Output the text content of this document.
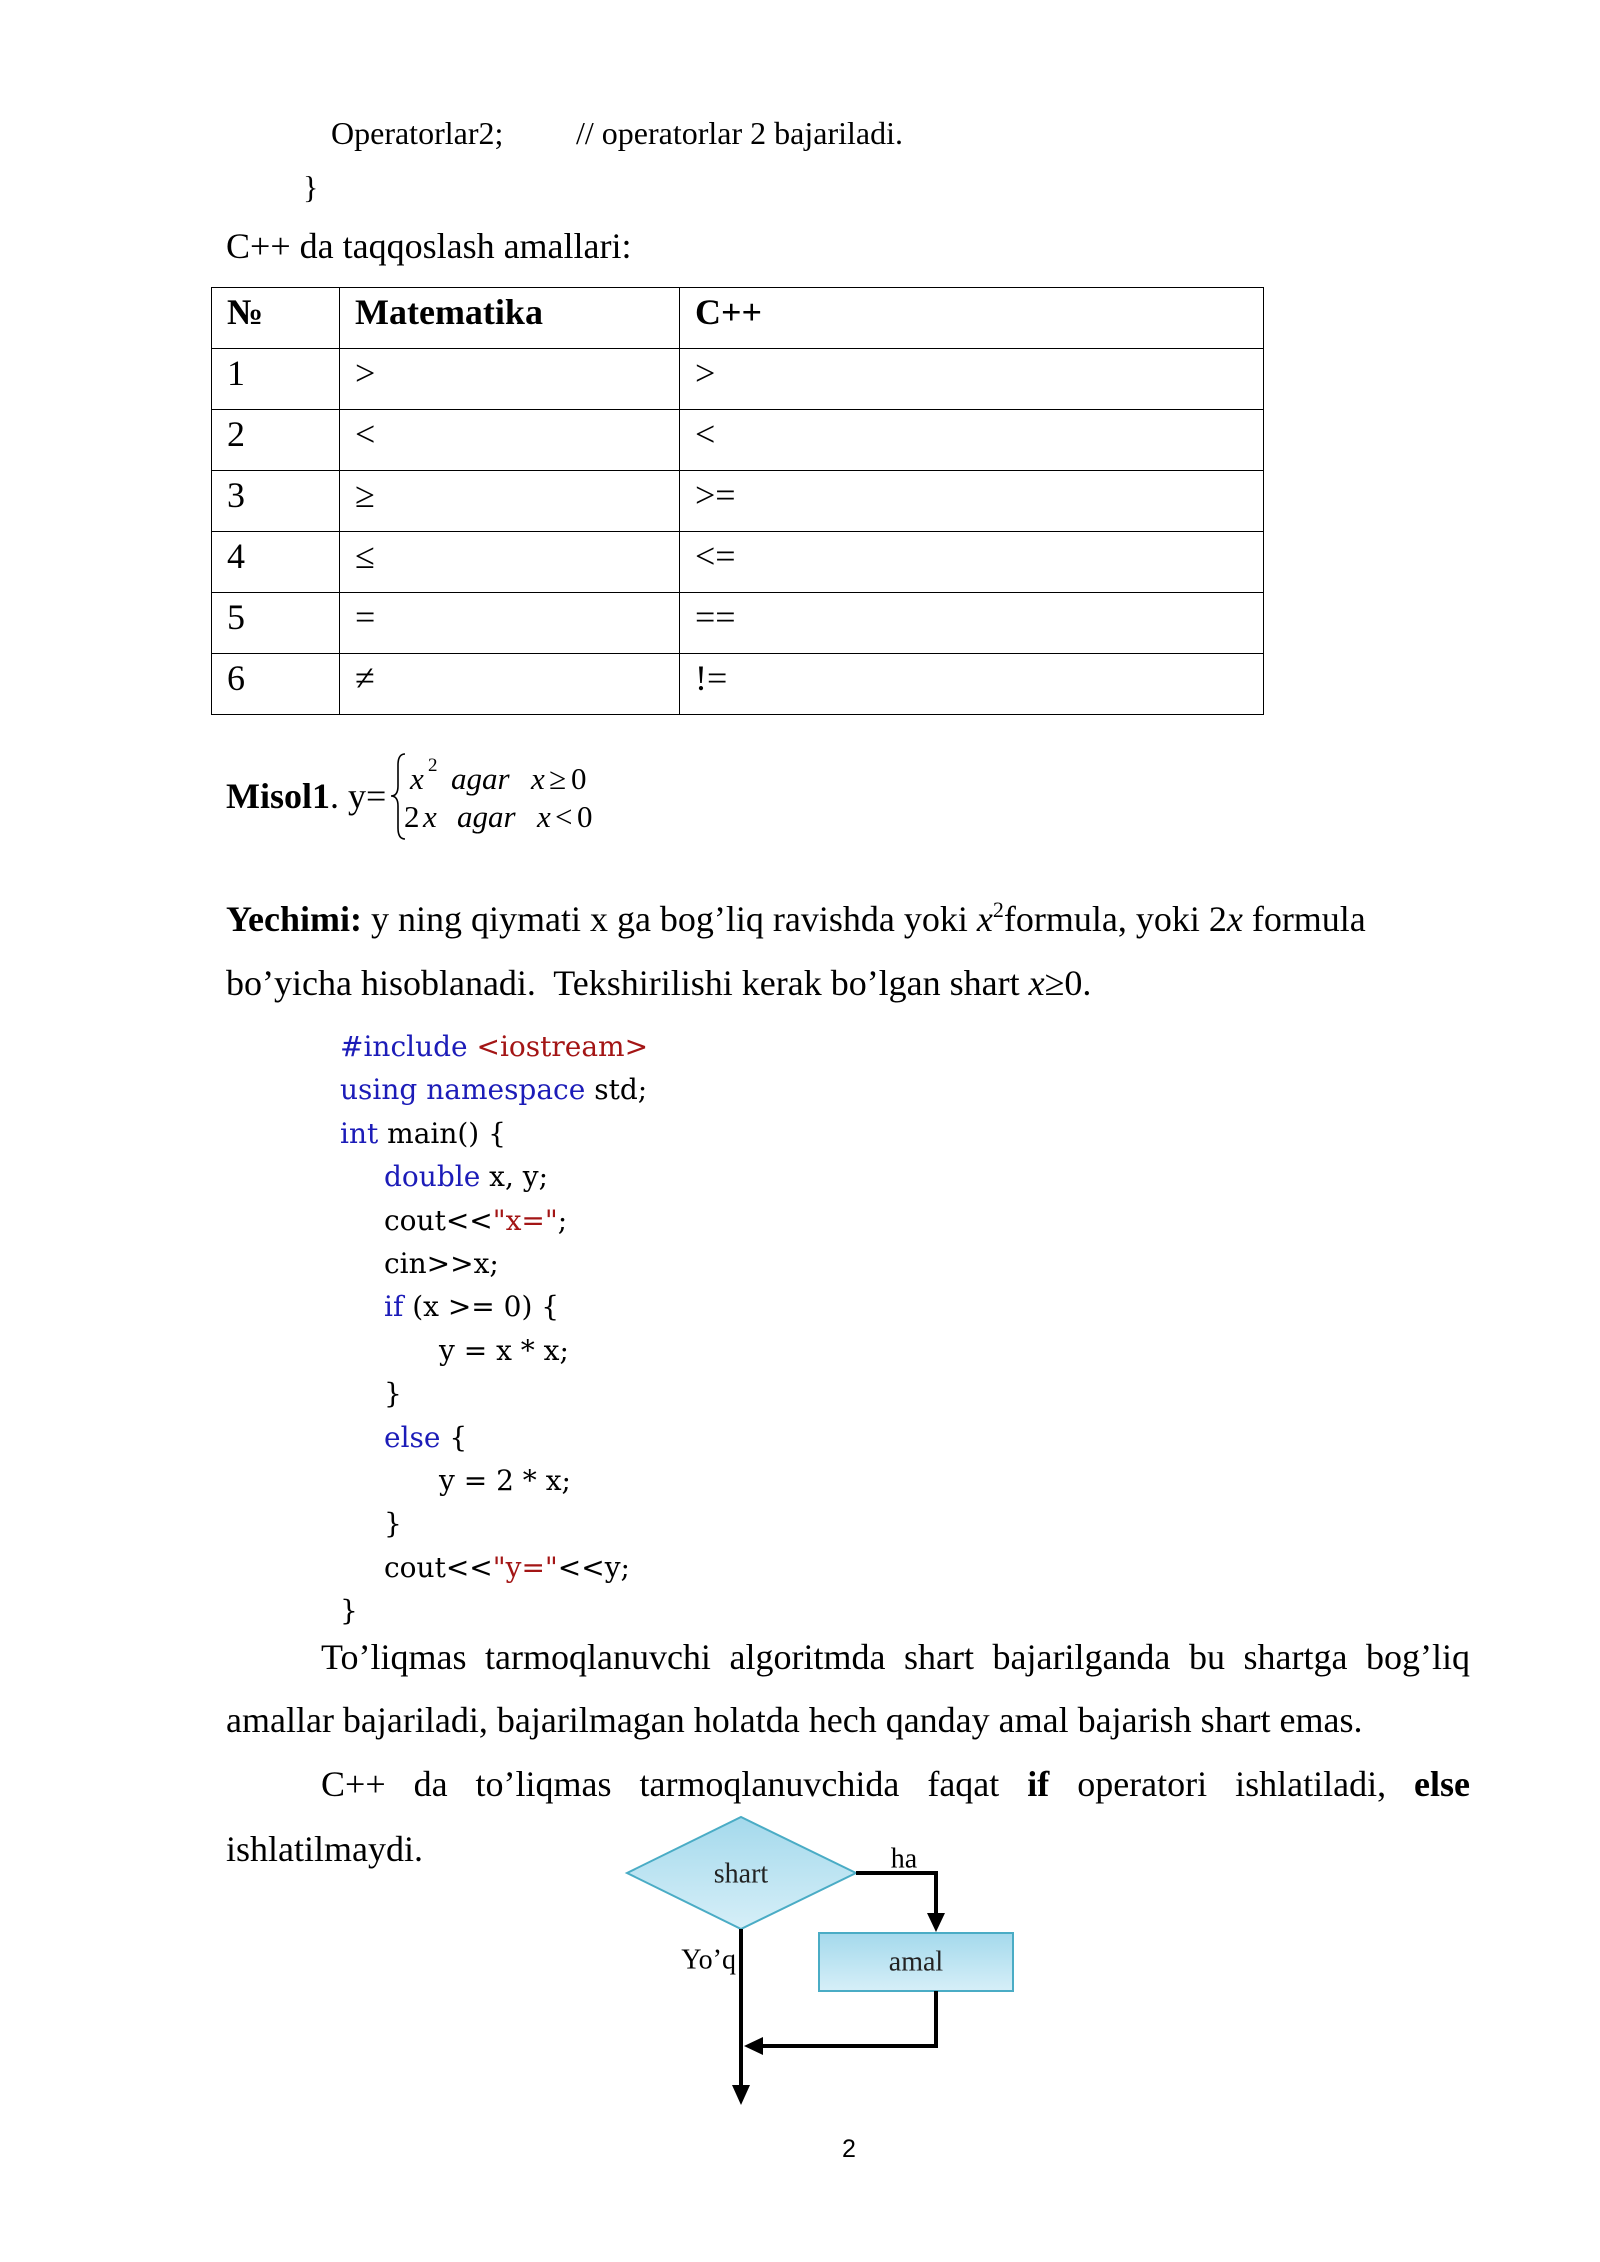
Operatorlar2; // operatorlar 2 bajariladi.
}
C++ da taqqoslash amallari:
№	Matematika	C++
1	>	>
2	<	<
3	≥	>=
4	≤	<=
5	=	==
6	≠	!=
Misol1. y= x 2 agar x ≥ 0
2 x agar x < 0
Yechimi: y ning qiymati x ga bog’liq ravishda yoki $x^2formula$, yoki 2x formula
bo’yicha hisoblanadi.  Tekshirilishi kerak bo’lgan shart x≥0.
#include <iostream>
using namespace std;
int main() {
double x, y;
cout<<"x=";
cin>>x;
if (x >= 0) {
y = x * x;
}
else {
y = 2 * x;
}
cout<<"y="<<y;
}
To’liqmas tarmoqlanuvchi algoritmda shart bajarilganda bu shartga bog’liq
amallar bajariladi, bajarilmagan holatda hech qanday amal bajarish shart emas.
C++ da to’liqmas tarmoqlanuvchida faqat if operatori ishlatiladi, else
ishlatilmaydi.
shart	ha
amal
Yo’q
2
